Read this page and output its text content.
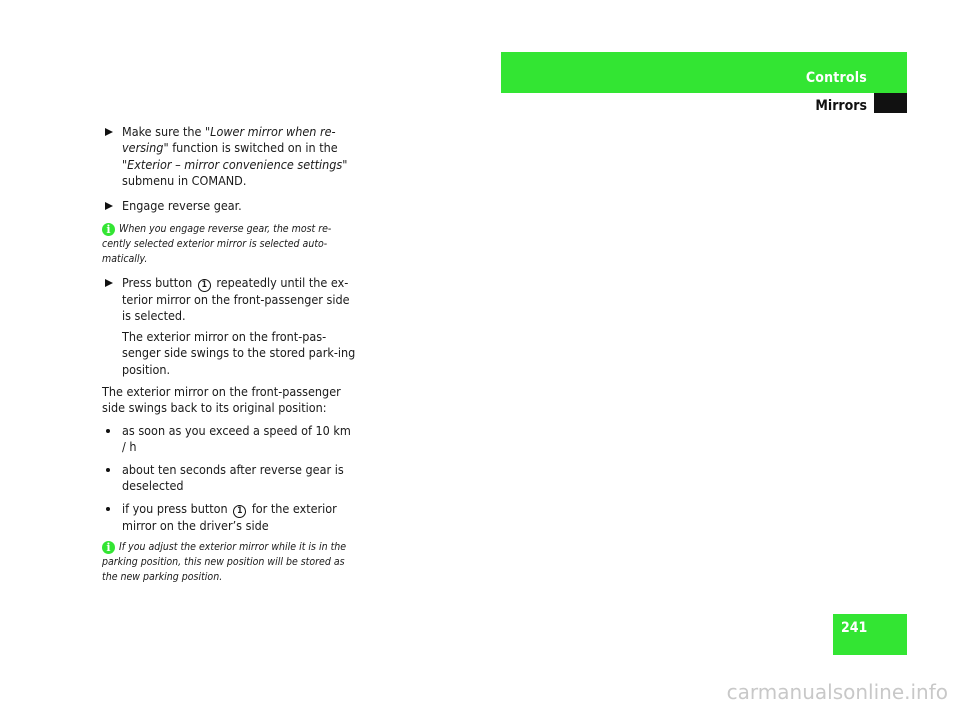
Controls
Mirrors
Make sure the "Lower mirror when re-versing" function is switched on in the "Exterior – mirror convenience settings" submenu in COMAND.
Engage reverse gear.
i When you engage reverse gear, the most re-cently selected exterior mirror is selected auto-matically.
Press button 1 repeatedly until the ex-terior mirror on the front-passenger side is selected.
The exterior mirror on the front-pas-senger side swings to the stored park-ing position.
The exterior mirror on the front-passenger side swings back to its original position:
as soon as you exceed a speed of 10 km / h
about ten seconds after reverse gear is deselected
if you press button 1 for the exterior mirror on the driver’s side
i If you adjust the exterior mirror while it is in the parking position, this new position will be stored as the new parking position.
241
carmanualsonline.info
